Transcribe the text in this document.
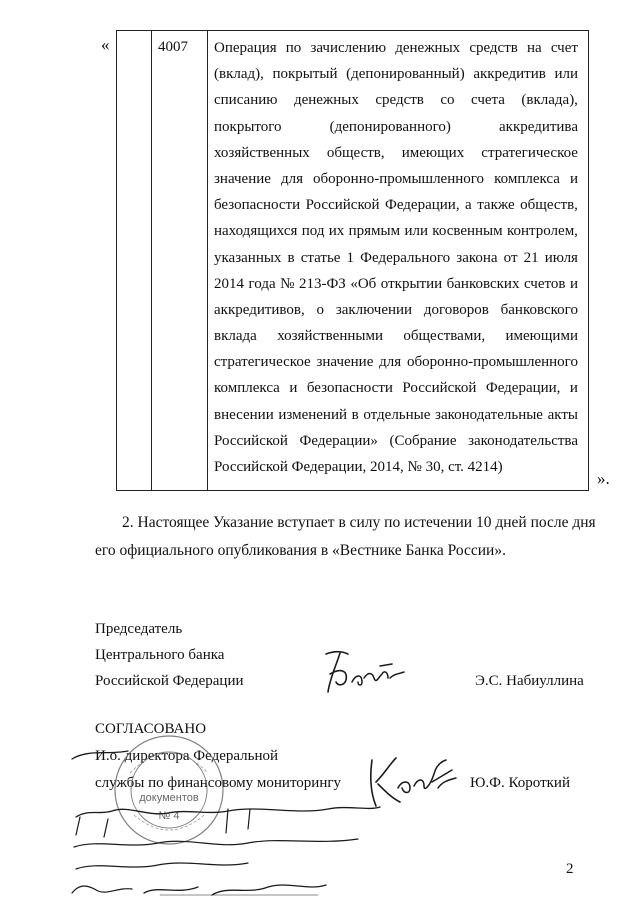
«
		4007	Операция по зачислению денежных средств на счет
(вклад), покрытый (депонированный) аккредитив или
списанию денежных средств со счета (вклада),
покрытого	(депонированного)	аккредитива
хозяйственных обществ, имеющих стратегическое
значение для оборонно-промышленного комплекса и
безопасности Российской Федерации, а также обществ,
находящихся под их прямым или косвенным контролем,
указанных в статье 1 Федерального закона от 21 июля
2014 года № 213-ФЗ «Об открытии банковских счетов и
аккредитивов, о заключении договоров банковского
вклада хозяйственными обществами, имеющими
стратегическое значение для оборонно-промышленного
комплекса и безопасности Российской Федерации, и
внесении изменений в отдельные законодательные акты
Российской Федерации» (Собрание законодательства
Российской Федерации, 2014, № 30, ст. 4214)
».
2. Настоящее Указание вступает в силу по истечении 10 дней после дня
его официального опубликования в «Вестнике Банка России».
Председатель
Центрального банка
Российской Федерации	Э.С. Набиуллина
СОГЛАСОВАНО
И.о. директора Федеральной
службы по финансовому мониторингу	Ю.Ф. Короткий
документов
№ 4
2
